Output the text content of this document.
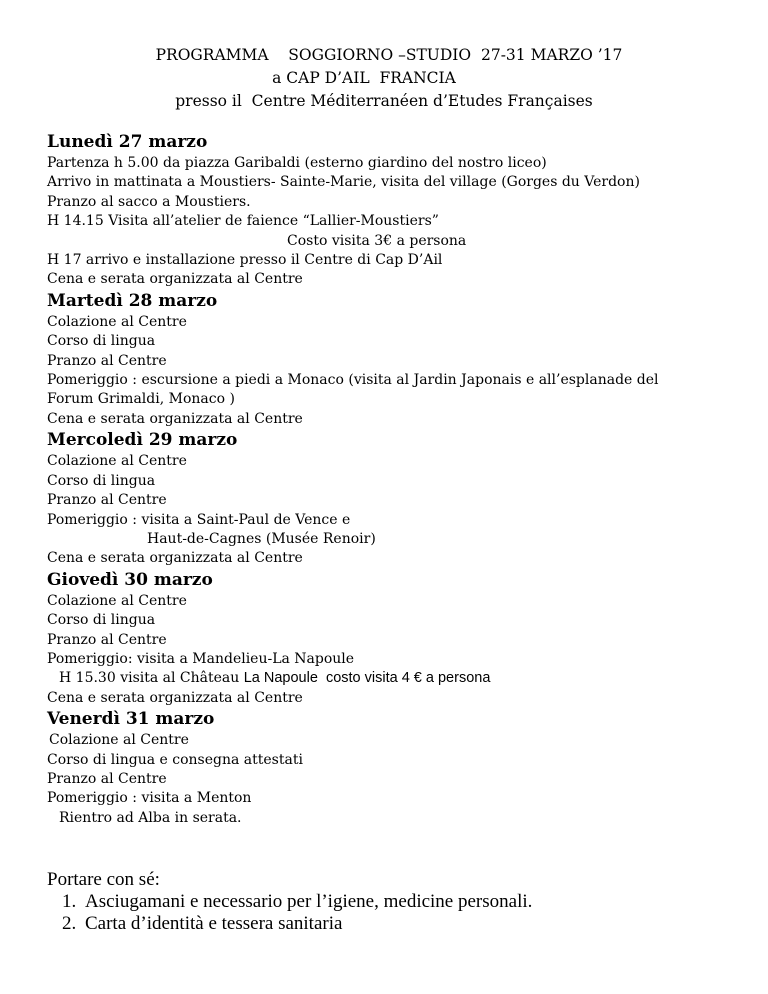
PROGRAMMA    SOGGIORNO –STUDIO  27-31 MARZO ’17
a CAP D’AIL  FRANCIA
presso il  Centre Méditerranéen d’Etudes Françaises
Lunedì 27 marzo
Partenza h 5.00 da piazza Garibaldi (esterno giardino del nostro liceo)
Arrivo in mattinata a Moustiers- Sainte-Marie, visita del village (Gorges du Verdon)
Pranzo al sacco a Moustiers.
H 14.15 Visita all’atelier de faience “Lallier-Moustiers”
Costo visita 3€ a persona
H 17 arrivo e installazione presso il Centre di Cap D’Ail
Cena e serata organizzata al Centre
Martedì 28 marzo
Colazione al Centre
Corso di lingua
Pranzo al Centre
Pomeriggio : escursione a piedi a Monaco (visita al Jardin Japonais e all’esplanade del
Forum Grimaldi, Monaco )
Cena e serata organizzata al Centre
Mercoledì 29 marzo
Colazione al Centre
Corso di lingua
Pranzo al Centre
Pomeriggio : visita a Saint-Paul de Vence e
Haut-de-Cagnes (Musée Renoir)
Cena e serata organizzata al Centre
Giovedì 30 marzo
Colazione al Centre
Corso di lingua
Pranzo al Centre
Pomeriggio: visita a Mandelieu-La Napoule
H 15.30 visita al Château La Napoule  costo visita 4 € a persona
Cena e serata organizzata al Centre
Venerdì 31 marzo
Colazione al Centre
Corso di lingua e consegna attestati
Pranzo al Centre
Pomeriggio : visita a Menton
Rientro ad Alba in serata.
Portare con sé:
1. Asciugamani e necessario per l’igiene, medicine personali.
2. Carta d’identità e tessera sanitaria
